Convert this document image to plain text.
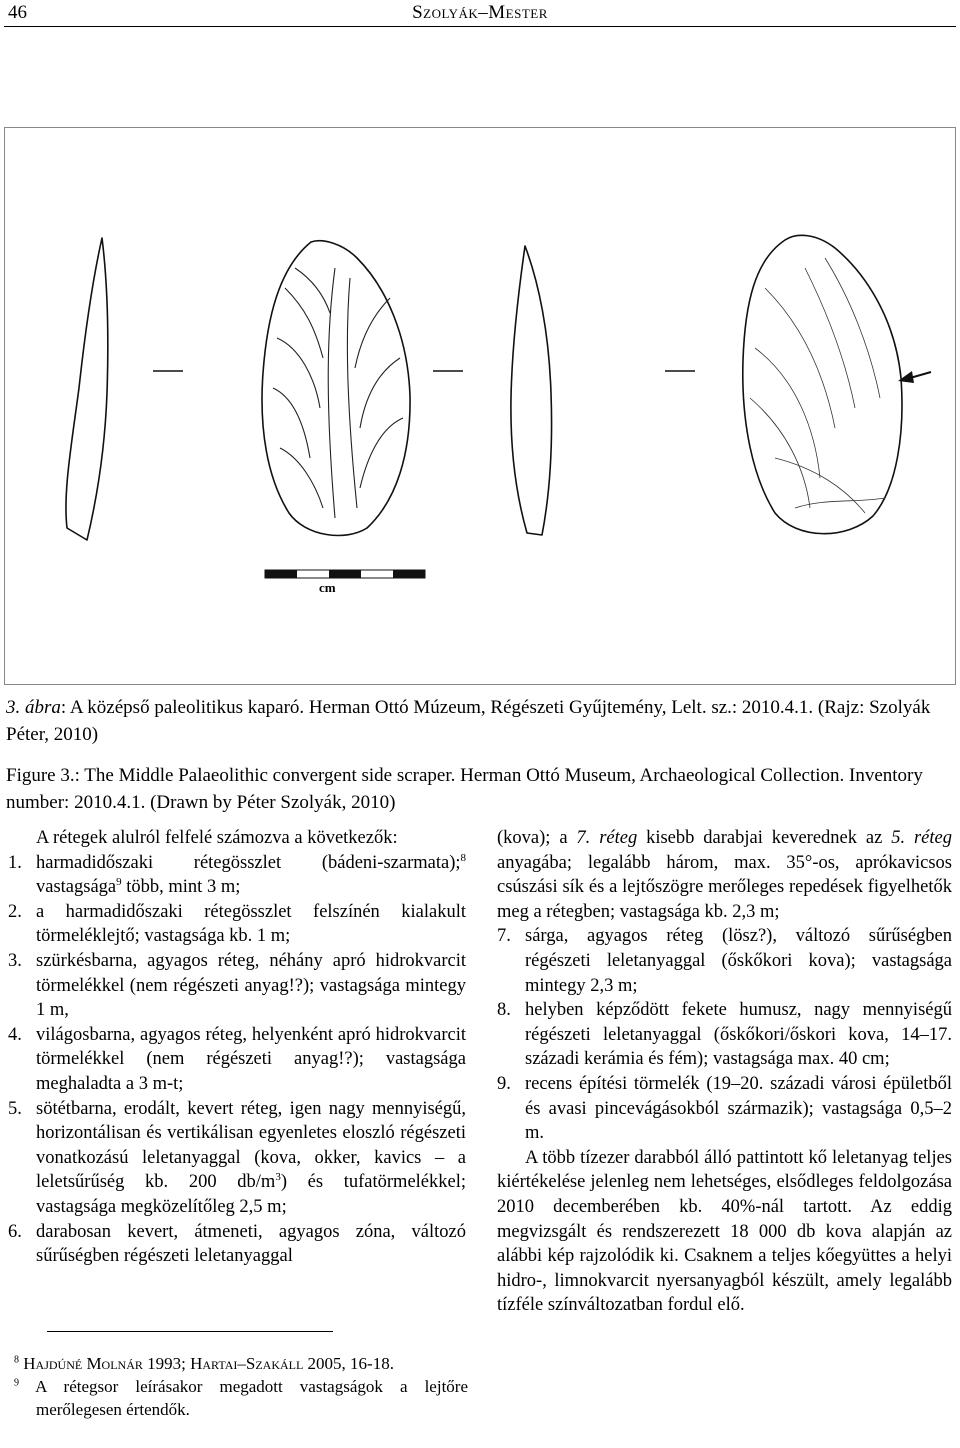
46	Szolyák–Mester
cm
3. ábra: A középső paleolitikus kaparó. Herman Ottó Múzeum, Régészeti Gyűjtemény, Lelt. sz.: 2010.4.1. (Rajz: Szolyák Péter, 2010)
Figure 3.: The Middle Palaeolithic convergent side scraper. Herman Ottó Museum, Archaeological Collection. Inventory number: 2010.4.1. (Drawn by Péter Szolyák, 2010)

A rétegek alulról felfelé számozva a következők:

1. harmadidőszaki rétegösszlet (bádeni-szarmata);$^8$ vastagsága$^9$ több, mint 3 m;

2. a harmadidőszaki rétegösszlet felszínén kialakult törmeléklejtő; vastagsága kb. 1 m;

3. szürkésbarna, agyagos réteg, néhány apró hidrokvarcit törmelékkel (nem régészeti anyag!?); vastagsága mintegy 1 m,

4. világosbarna, agyagos réteg, helyenként apró hidrokvarcit törmelékkel (nem régészeti anyag!?); vastagsága meghaladta a 3 m-t;

5. sötétbarna, erodált, kevert réteg, igen nagy mennyiségű, horizontálisan és vertikálisan egyenletes eloszló régészeti vonatkozású leletanyaggal (kova, okker, kavics – a leletsűrűség kb. 200 $db/m^3$) és tufatörmelékkel; vastagsága megközelítőleg 2,5 m;

6. darabosan kevert, átmeneti, agyagos zóna, változó sűrűségben régészeti leletanyaggal

$^8$ Hajdúné Molnár 1993; Hartai–Szakáll 2005, 16-18.

$^9$ A rétegsor leírásakor megadott vastagságok a lejtőre merőlegesen értendők.

(kova); a 7. réteg kisebb darabjai keverednek az 5. réteg anyagába; legalább három, max. 35°-os, aprókavicsos csúszási sík és a lejtőszögre merőleges repedések figyelhetők meg a rétegben; vastagsága kb. 2,3 m;

7. sárga, agyagos réteg (lösz?), változó sűrűségben régészeti leletanyaggal (őskőkori kova); vastagsága mintegy 2,3 m;

8. helyben képződött fekete humusz, nagy mennyiségű régészeti leletanyaggal (őskőkori/őskori kova, 14–17. századi kerámia és fém); vastagsága max. 40 cm;

9. recens építési törmelék (19–20. századi városi épületből és avasi pincevágásokból származik); vastagsága 0,5–2 m.

A több tízezer darabból álló pattintott kő leletanyag teljes kiértékelése jelenleg nem lehetséges, elsődleges feldolgozása 2010 decemberében kb. 40%-nál tartott. Az eddig megvizsgált és rendszerezett 18 000 db kova alapján az alábbi kép rajzolódik ki. Csaknem a teljes kőegyüttes a helyi hidro-, limnokvarcit nyersanyagból készült, amely legalább tízféle színváltozatban fordul elő.
